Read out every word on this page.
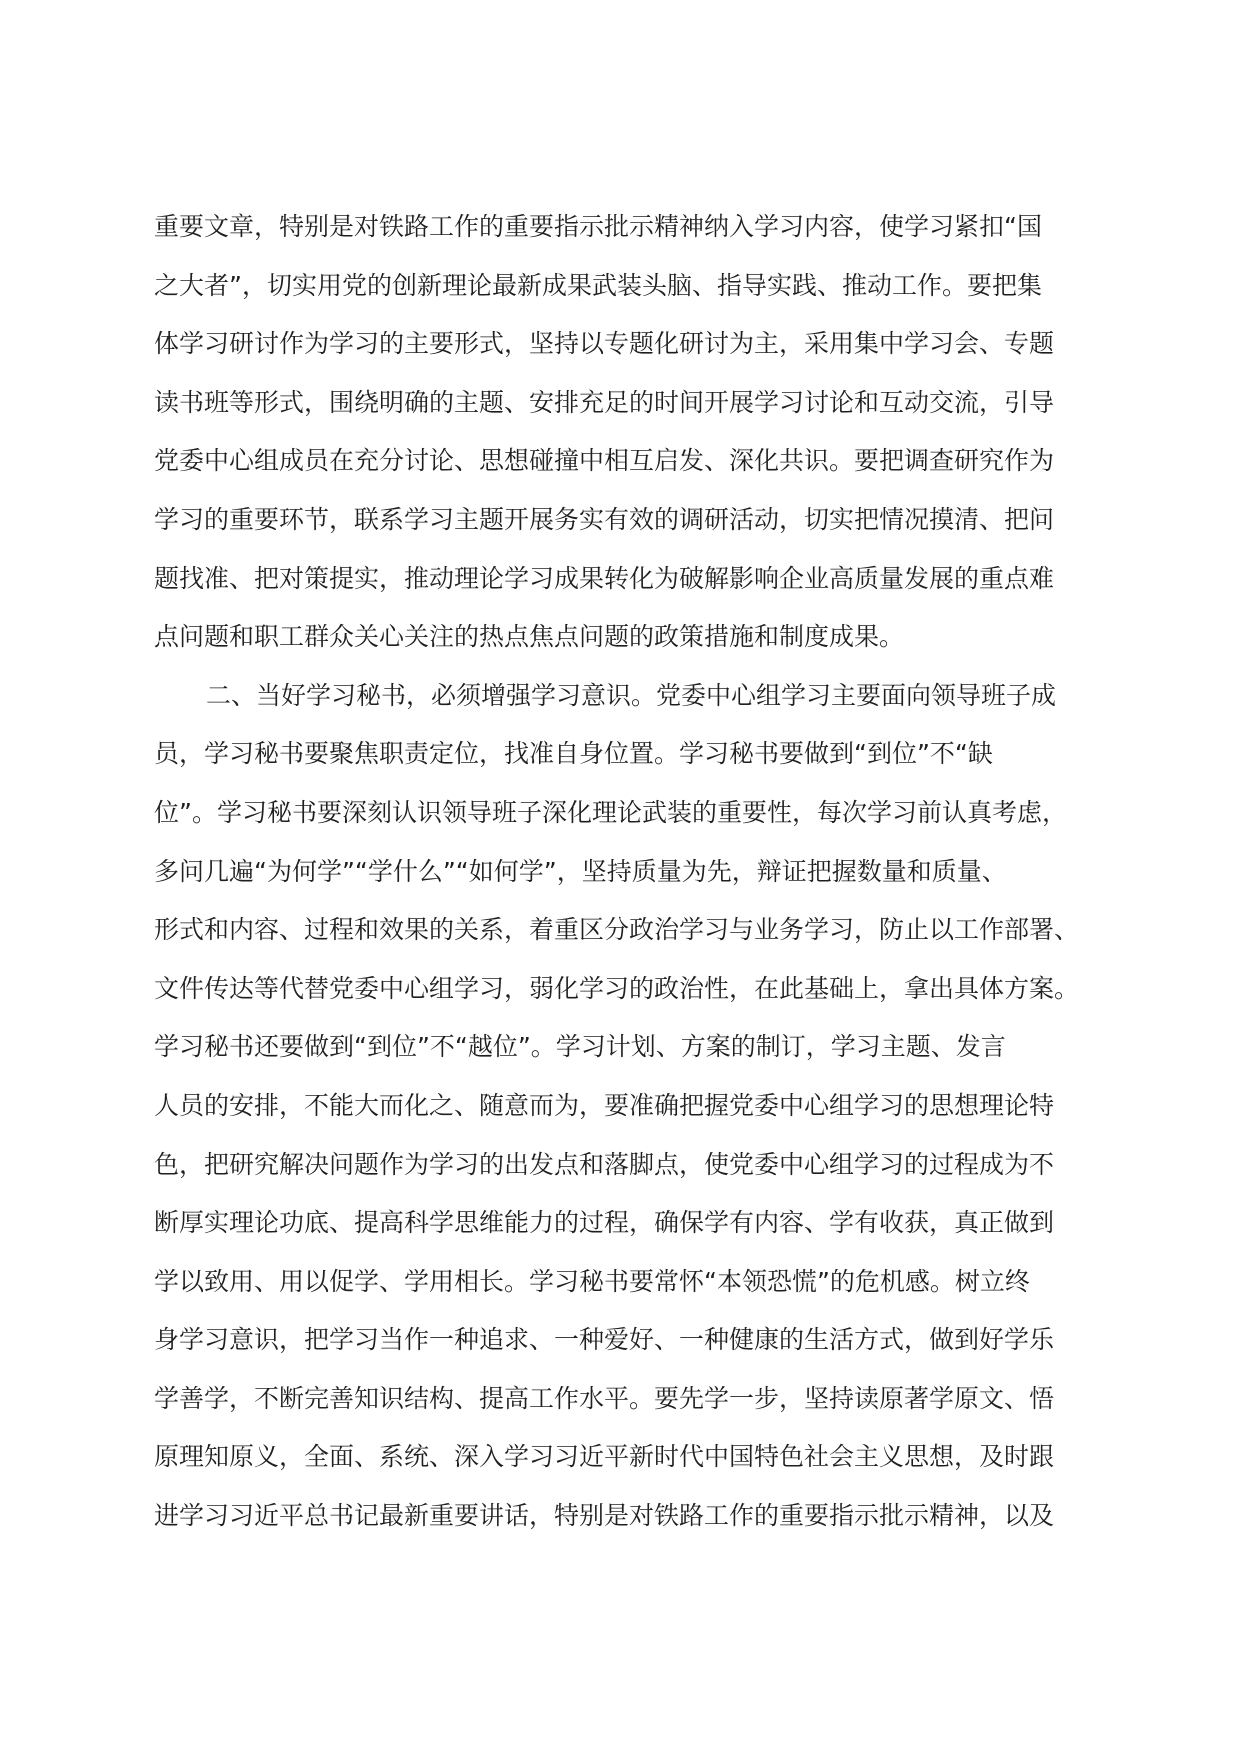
重要文章，特别是对铁路工作的重要指示批示精神纳入学习内容，使学习紧扣“国
之大者”，切实用党的创新理论最新成果武装头脑、指导实践、推动工作。要把集
体学习研讨作为学习的主要形式，坚持以专题化研讨为主，采用集中学习会、专题
读书班等形式，围绕明确的主题、安排充足的时间开展学习讨论和互动交流，引导
党委中心组成员在充分讨论、思想碰撞中相互启发、深化共识。要把调查研究作为
学习的重要环节，联系学习主题开展务实有效的调研活动，切实把情况摸清、把问
题找准、把对策提实，推动理论学习成果转化为破解影响企业高质量发展的重点难
点问题和职工群众关心关注的热点焦点问题的政策措施和制度成果。
二、当好学习秘书，必须增强学习意识。党委中心组学习主要面向领导班子成
员，学习秘书要聚焦职责定位，找准自身位置。学习秘书要做到“到位”不“缺
位”。学习秘书要深刻认识领导班子深化理论武装的重要性，每次学习前认真考虑，
多问几遍“为何学”“学什么”“如何学”，坚持质量为先，辩证把握数量和质量、
形式和内容、过程和效果的关系，着重区分政治学习与业务学习，防止以工作部署、
文件传达等代替党委中心组学习，弱化学习的政治性，在此基础上，拿出具体方案。
学习秘书还要做到“到位”不“越位”。学习计划、方案的制订，学习主题、发言
人员的安排，不能大而化之、随意而为，要准确把握党委中心组学习的思想理论特
色，把研究解决问题作为学习的出发点和落脚点，使党委中心组学习的过程成为不
断厚实理论功底、提高科学思维能力的过程，确保学有内容、学有收获，真正做到
学以致用、用以促学、学用相长。学习秘书要常怀“本领恐慌”的危机感。树立终
身学习意识，把学习当作一种追求、一种爱好、一种健康的生活方式，做到好学乐
学善学，不断完善知识结构、提高工作水平。要先学一步，坚持读原著学原文、悟
原理知原义，全面、系统、深入学习习近平新时代中国特色社会主义思想，及时跟
进学习习近平总书记最新重要讲话，特别是对铁路工作的重要指示批示精神，以及
